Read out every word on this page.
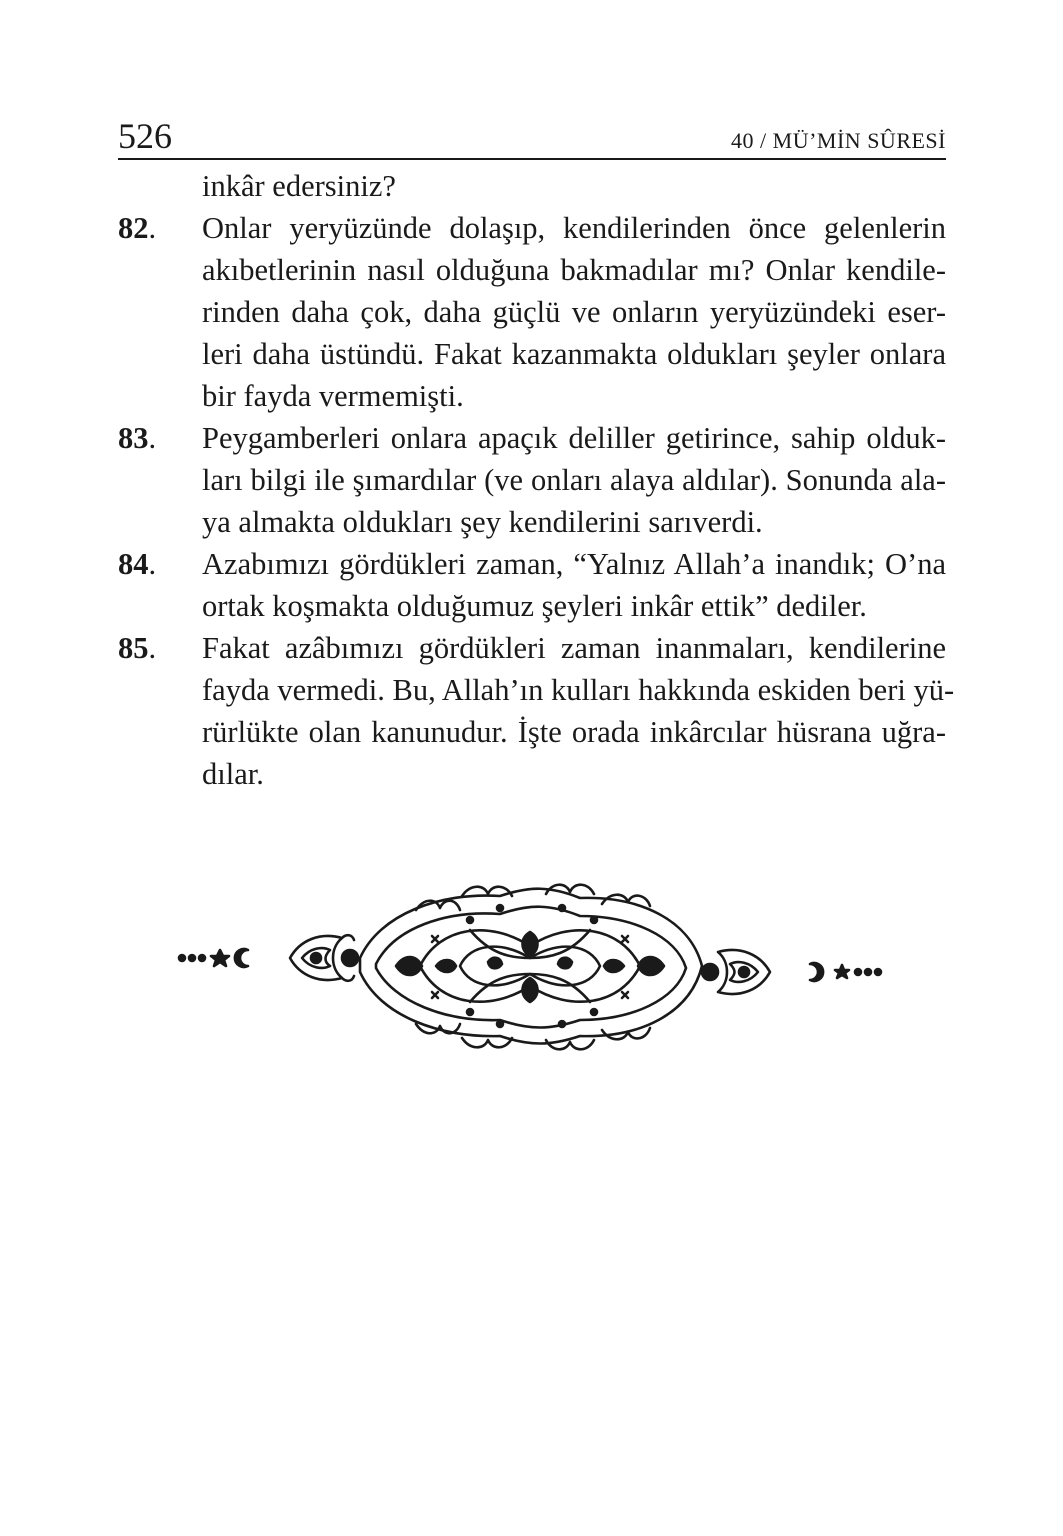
526	40 / MÜ’MİN SÛRESİ
inkâr edersiniz?
82. Onlar yeryüzünde dolaşıp, kendilerinden önce gelenlerin
akıbetlerinin nasıl olduğuna bakmadılar mı? Onlar kendile-
rinden daha çok, daha güçlü ve onların yeryüzündeki eser-
leri daha üstündü. Fakat kazanmakta oldukları şeyler onlara
bir fayda vermemişti.
83. Peygamberleri onlara apaçık deliller getirince, sahip olduk-
ları bilgi ile şımardılar (ve onları alaya aldılar). Sonunda ala-
ya almakta oldukları şey kendilerini sarıverdi.
84. Azabımızı gördükleri zaman, “Yalnız Allah’a inandık; O’na
ortak koşmakta olduğumuz şeyleri inkâr ettik” dediler.
85. Fakat azâbımızı gördükleri zaman inanmaları, kendilerine
fayda vermedi. Bu, Allah’ın kulları hakkında eskiden beri yü-
rürlükte olan kanunudur. İşte orada inkârcılar hüsrana uğra-
dılar.
